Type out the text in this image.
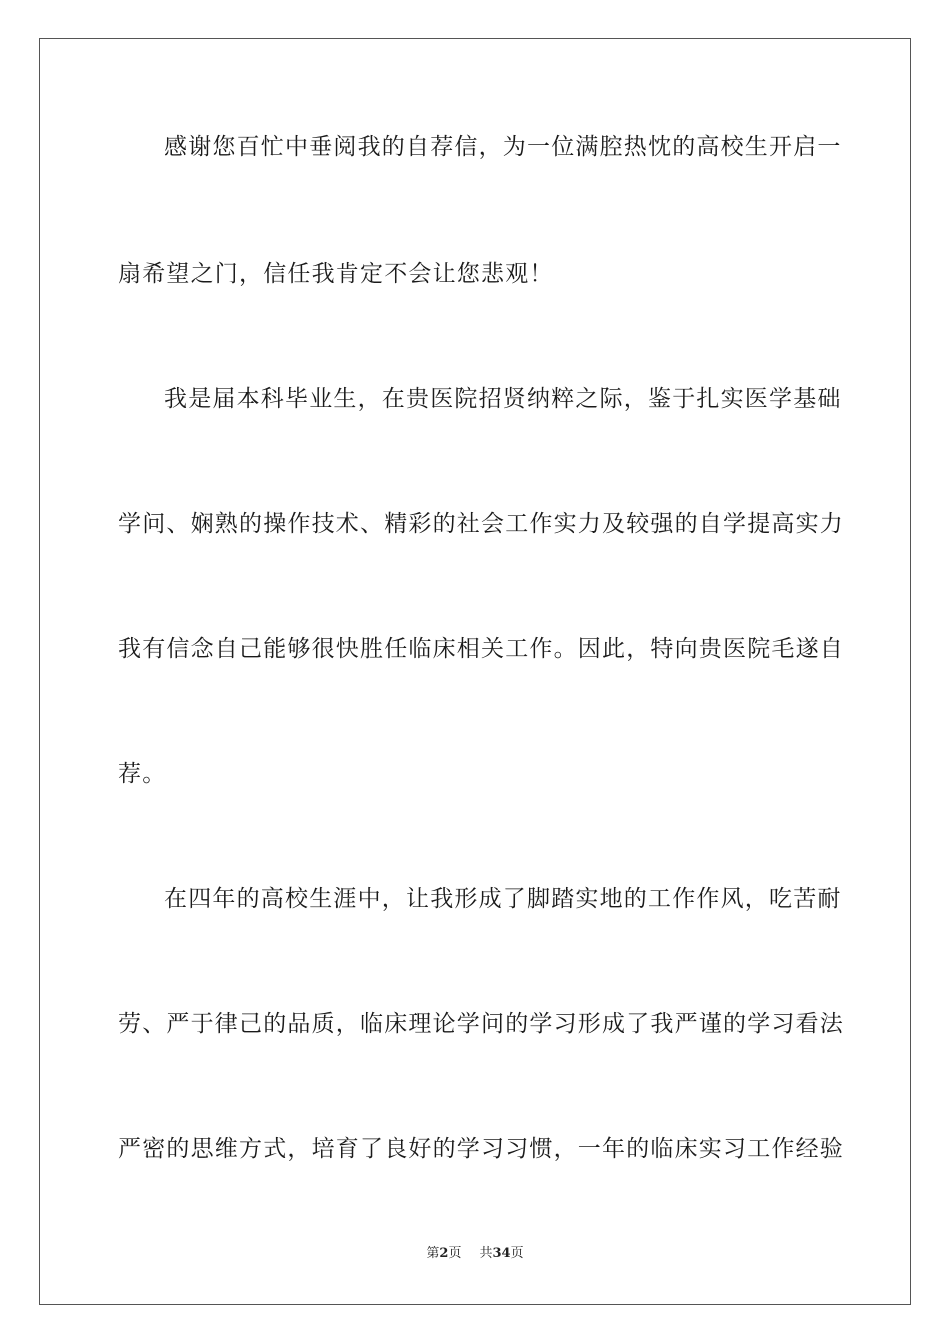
感谢您百忙中垂阅我的自荐信，为一位满腔热忱的高校生开启一
扇希望之门，信任我肯定不会让您悲观！
我是届本科毕业生，在贵医院招贤纳粹之际，鉴于扎实医学基础
学问、娴熟的操作技术、精彩的社会工作实力及较强的自学提高实力
我有信念自己能够很快胜任临床相关工作。因此，特向贵医院毛遂自
荐。
在四年的高校生涯中，让我形成了脚踏实地的工作作风，吃苦耐
劳、严于律己的品质，临床理论学问的学习形成了我严谨的学习看法
严密的思维方式，培育了良好的学习习惯，一年的临床实习工作经验
第2页 共34页
